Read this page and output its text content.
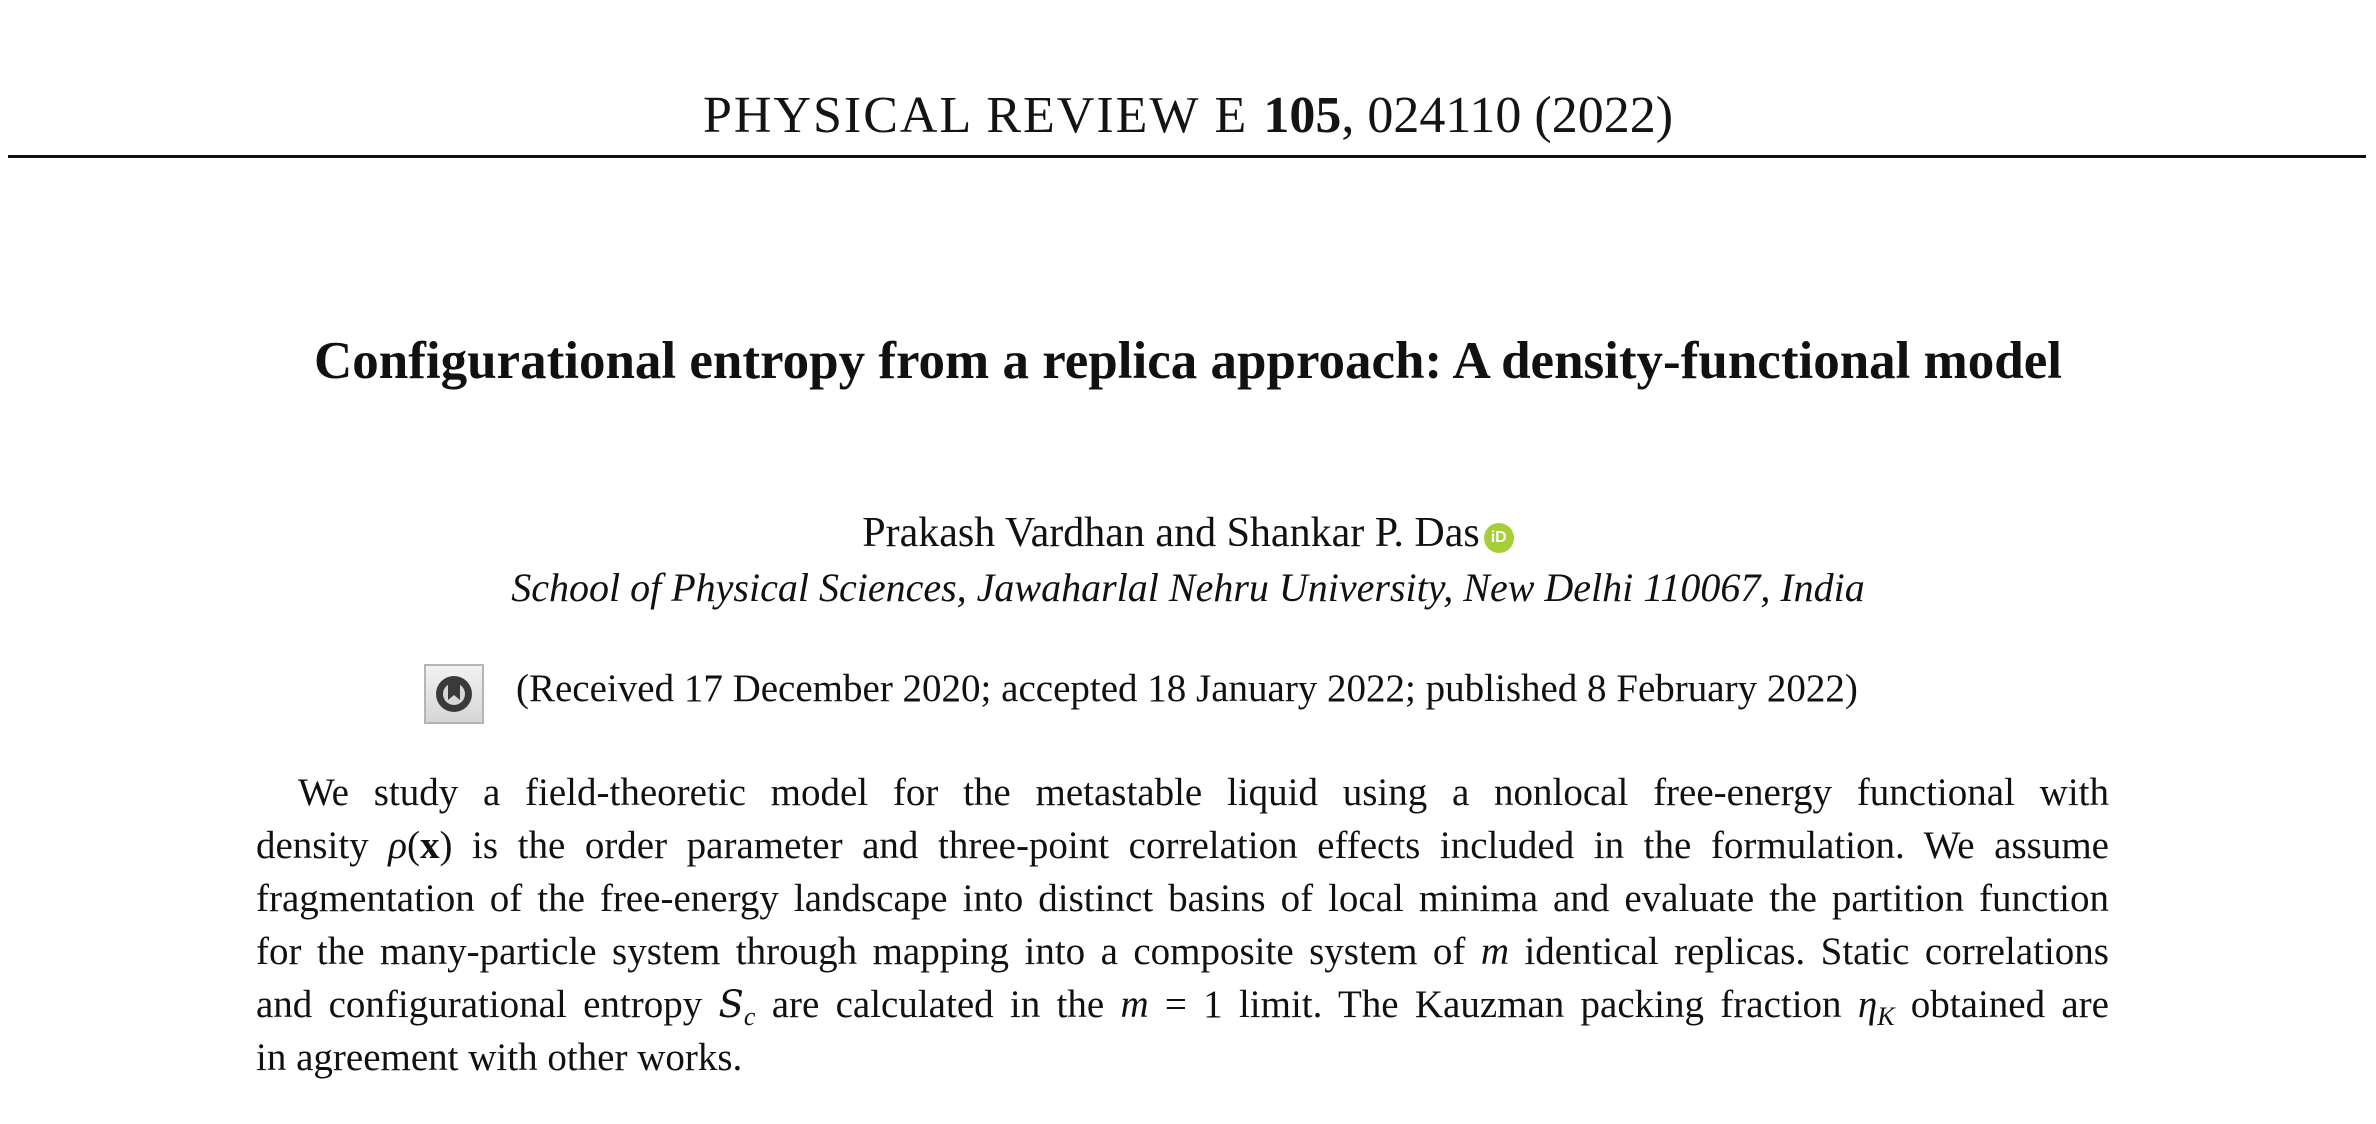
PHYSICAL REVIEW E 105, 024110 (2022)
Configurational entropy from a replica approach: A density-functional model
Prakash Vardhan and Shankar P. Das iD
School of Physical Sciences, Jawaharlal Nehru University, New Delhi 110067, India
(Received 17 December 2020; accepted 18 January 2022; published 8 February 2022)
We study a field-theoretic model for the metastable liquid using a nonlocal free-energy functional with
density ρ(x) is the order parameter and three-point correlation effects included in the formulation. We assume
fragmentation of the free-energy landscape into distinct basins of local minima and evaluate the partition function
for the many-particle system through mapping into a composite system of m identical replicas. Static correlations
and configurational entropy $S_c$ are calculated in the m = 1 limit. The Kauzman packing fraction $\eta_K$ obtained are
in agreement with other works.
